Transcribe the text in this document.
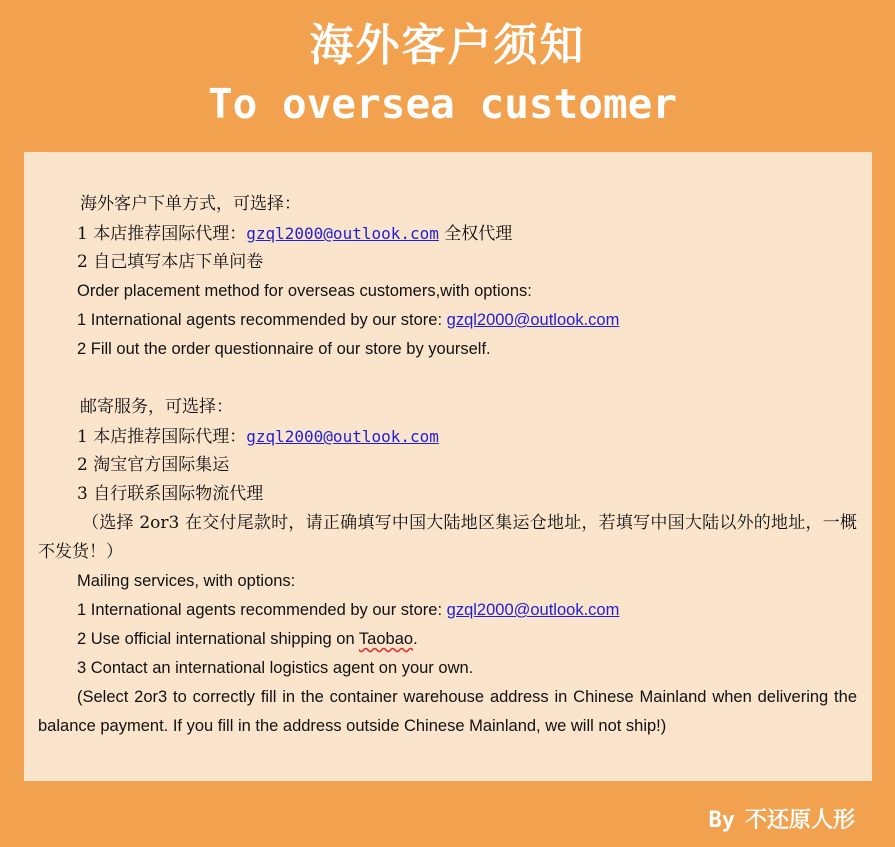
海外客户须知
To oversea customer
海外客户下单方式，可选择：
1 本店推荐国际代理：gzql2000@outlook.com 全权代理
2 自己填写本店下单问卷
Order placement method for overseas customers,with options:
1 International agents recommended by our store: gzql2000@outlook.com
2 Fill out the order questionnaire of our store by yourself.
邮寄服务，可选择：
1 本店推荐国际代理：gzql2000@outlook.com
2 淘宝官方国际集运
3 自行联系国际物流代理
（选择 2or3 在交付尾款时，请正确填写中国大陆地区集运仓地址，若填写中国大陆以外的地址，一概不发货！）
Mailing services, with options:
1 International agents recommended by our store: gzql2000@outlook.com
2 Use official international shipping on Taobao.
3 Contact an international logistics agent on your own.
(Select 2or3 to correctly fill in the container warehouse address in Chinese Mainland when delivering the balance payment. If you fill in the address outside Chinese Mainland, we will not ship!)
By 不还原人形
